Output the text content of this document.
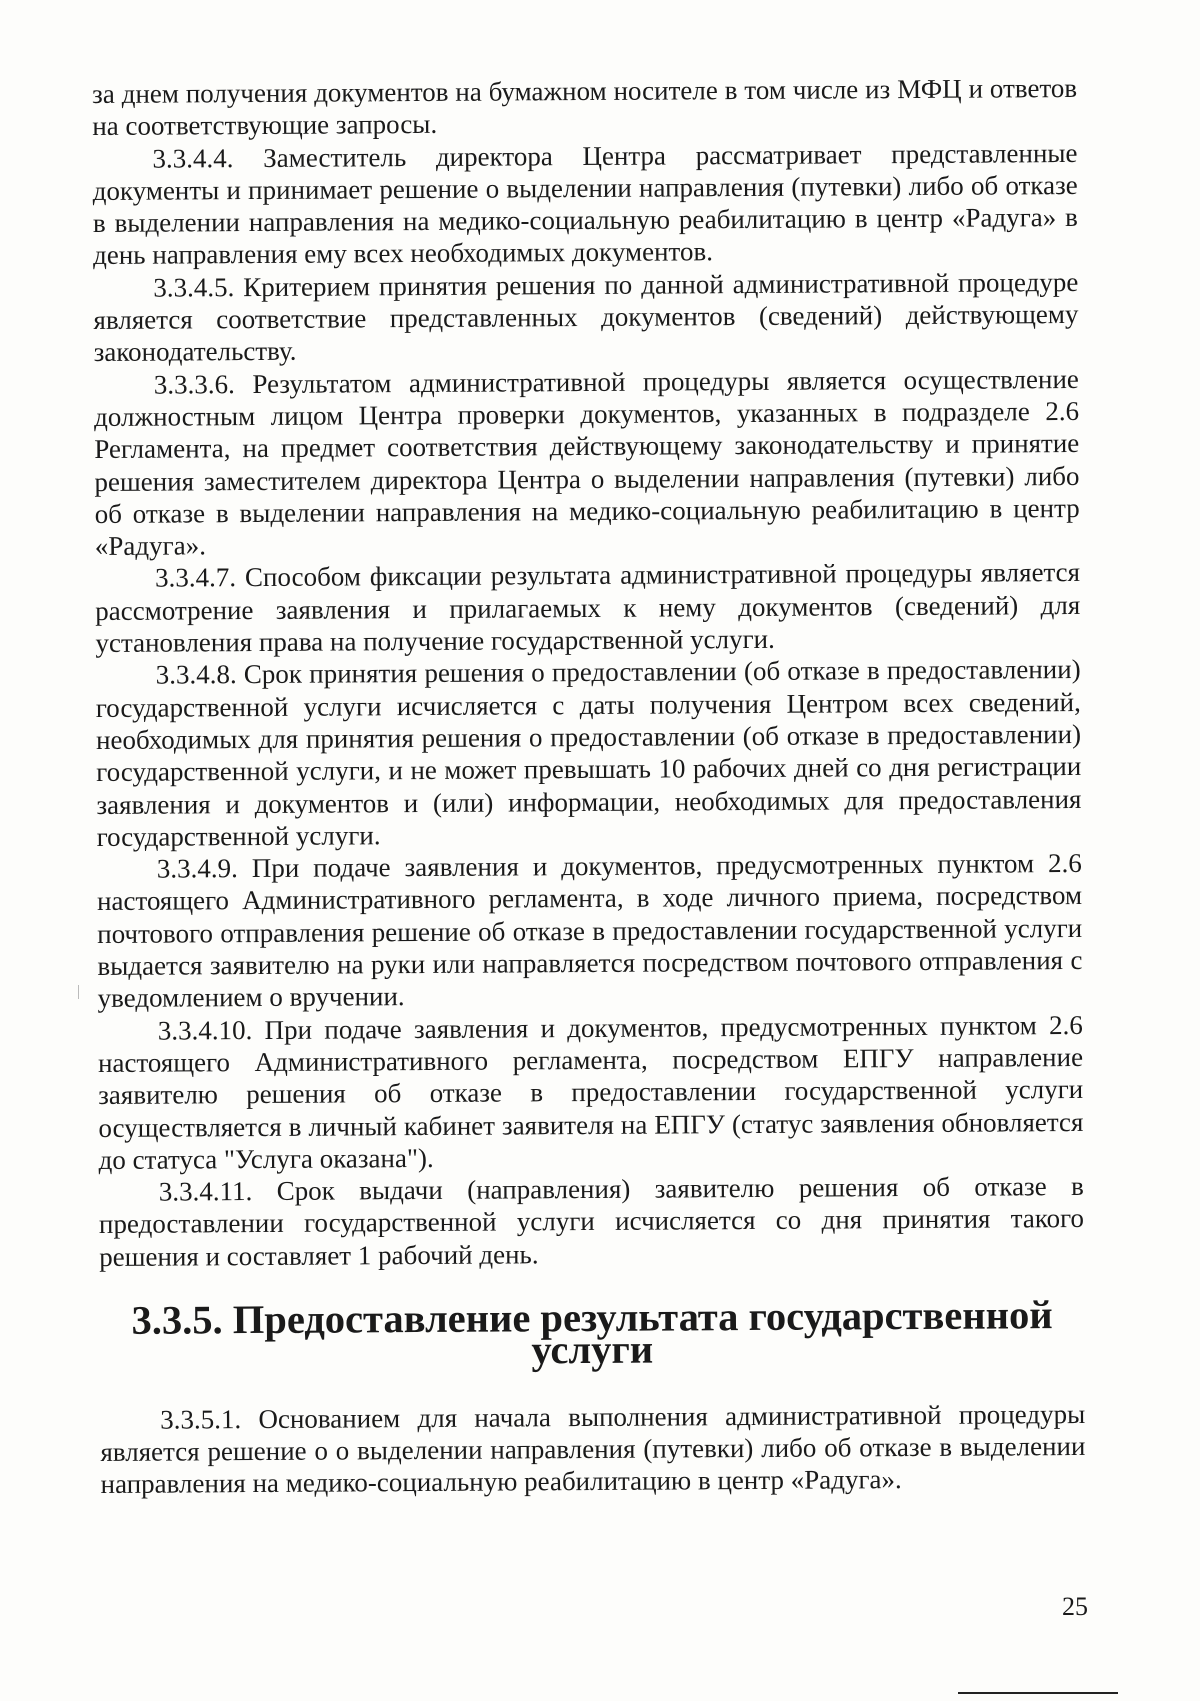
за днем получения документов на бумажном носителе в том числе из МФЦ и ответов на соответствующие запросы.

3.3.4.4. Заместитель директора Центра рассматривает представленные документы и принимает решение о выделении направления (путевки) либо об отказе в выделении направления на медико-социальную реабилитацию в центр «Радуга» в день направления ему всех необходимых документов.

3.3.4.5. Критерием принятия решения по данной административной процедуре является соответствие представленных документов (сведений) действующему законодательству.

3.3.3.6. Результатом административной процедуры является осуществление должностным лицом Центра проверки документов, указанных в подразделе 2.6 Регламента, на предмет соответствия действующему законодательству и принятие решения заместителем директора Центра о выделении направления (путевки) либо об отказе в выделении направления на медико-социальную реабилитацию в центр «Радуга».

3.3.4.7. Способом фиксации результата административной процедуры является рассмотрение заявления и прилагаемых к нему документов (сведений) для установления права на получение государственной услуги.

3.3.4.8. Срок принятия решения о предоставлении (об отказе в предоставлении) государственной услуги исчисляется с даты получения Центром всех сведений, необходимых для принятия решения о предоставлении (об отказе в предоставлении) государственной услуги, и не может превышать 10 рабочих дней со дня регистрации заявления и документов и (или) информации, необходимых для предоставления государственной услуги.

3.3.4.9. При подаче заявления и документов, предусмотренных пунктом 2.6 настоящего Административного регламента, в ходе личного приема, посредством почтового отправления решение об отказе в предоставлении государственной услуги выдается заявителю на руки или направляется посредством почтового отправления с уведомлением о вручении.

3.3.4.10. При подаче заявления и документов, предусмотренных пунктом 2.6 настоящего Административного регламента, посредством ЕПГУ направление заявителю решения об отказе в предоставлении государственной услуги осуществляется в личный кабинет заявителя на ЕПГУ (статус заявления обновляется до статуса "Услуга оказана").

3.3.4.11. Срок выдачи (направления) заявителю решения об отказе в предоставлении государственной услуги исчисляется со дня принятия такого решения и составляет 1 рабочий день.

3.3.5. Предоставление результата государственной услуги

3.3.5.1. Основанием для начала выполнения административной процедуры является решение о о выделении направления (путевки) либо об отказе в выделении направления на медико-социальную реабилитацию в центр «Радуга».

25
